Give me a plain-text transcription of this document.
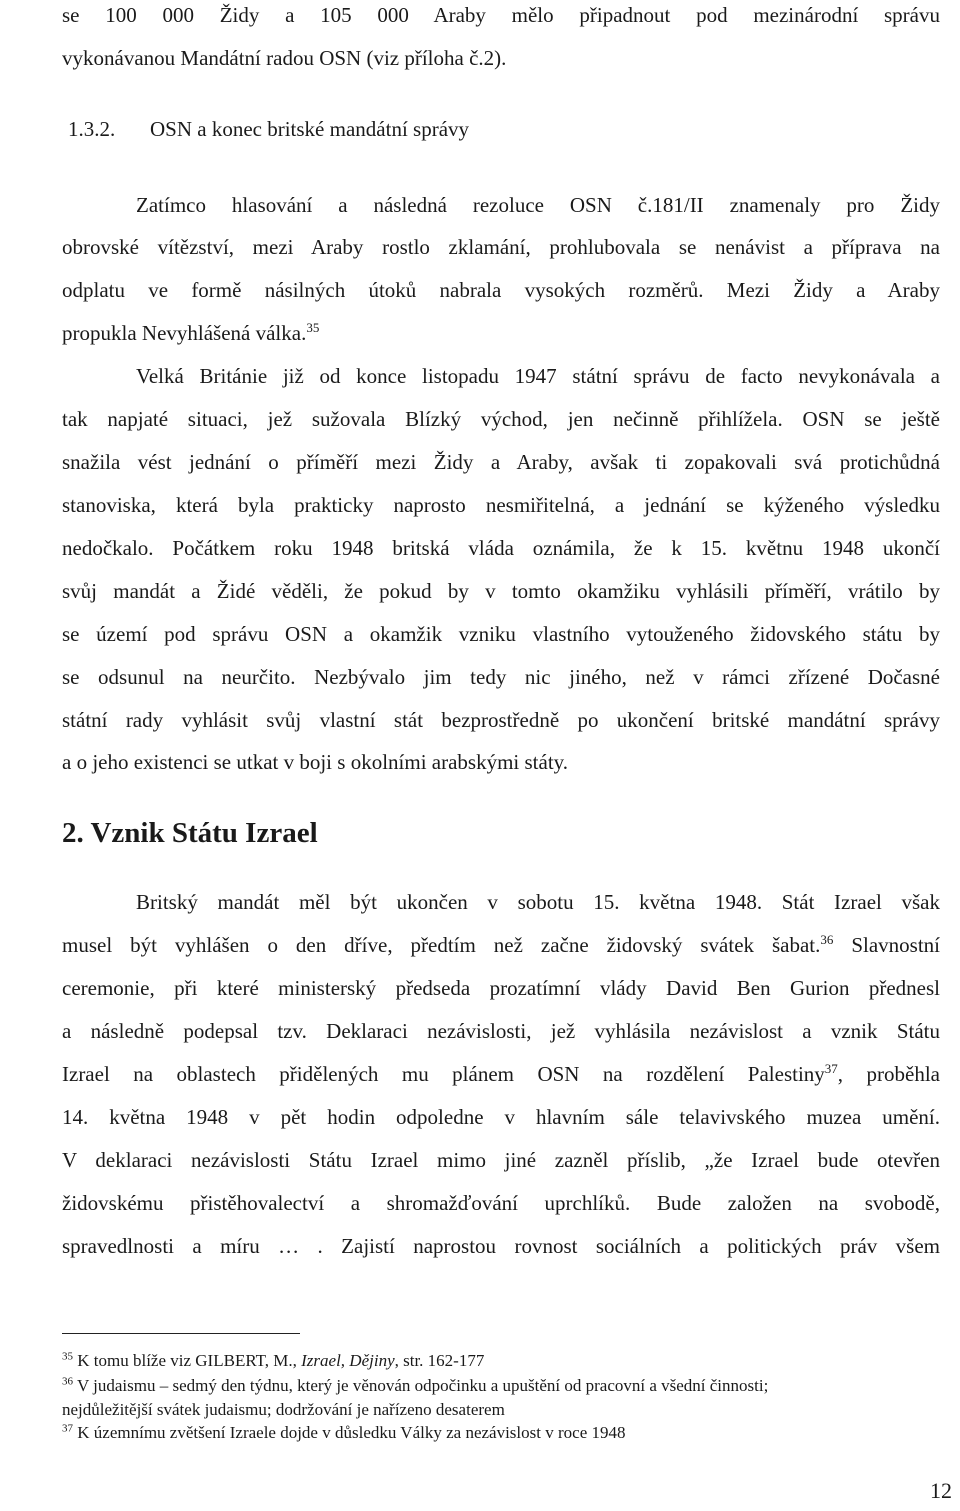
se 100 000 Židy a 105 000 Araby mělo připadnout pod mezinárodní správu
vykonávanou Mandátní radou OSN (viz příloha č.2).
1.3.2. OSN a konec britské mandátní správy
Zatímco hlasování a následná rezoluce OSN č.181/II znamenaly pro Židy
obrovské vítězství, mezi Araby rostlo zklamání, prohlubovala se nenávist a příprava na
odplatu ve formě násilných útoků nabrala vysokých rozměrů. Mezi Židy a Araby
propukla Nevyhlášená válka.$^{35}$
Velká Británie již od konce listopadu 1947 státní správu de facto nevykonávala a
tak napjaté situaci, jež sužovala Blízký východ, jen nečinně přihlížela. OSN se ještě
snažila vést jednání o příměří mezi Židy a Araby, avšak ti zopakovali svá protichůdná
stanoviska, která byla prakticky naprosto nesmiřitelná, a jednání se kýženého výsledku
nedočkalo. Počátkem roku 1948 britská vláda oznámila, že k 15. květnu 1948 ukončí
svůj mandát a Židé věděli, že pokud by v tomto okamžiku vyhlásili příměří, vrátilo by
se území pod správu OSN a okamžik vzniku vlastního vytouženého židovského státu by
se odsunul na neurčito. Nezbývalo jim tedy nic jiného, než v rámci zřízené Dočasné
státní rady vyhlásit svůj vlastní stát bezprostředně po ukončení britské mandátní správy
a o jeho existenci se utkat v boji s okolními arabskými státy.
2. Vznik Státu Izrael
Britský mandát měl být ukončen v sobotu 15. května 1948. Stát Izrael však
musel být vyhlášen o den dříve, předtím než začne židovský svátek šabat.$^{36}$ Slavnostní
ceremonie, při které ministerský předseda prozatímní vlády David Ben Gurion přednesl
a následně podepsal tzv. Deklaraci nezávislosti, jež vyhlásila nezávislost a vznik Státu
Izrael na oblastech přidělených mu plánem OSN na rozdělení Palestiny$^{37}$, proběhla
14. května 1948 v pět hodin odpoledne v hlavním sále telavivského muzea umění.
V deklaraci nezávislosti Státu Izrael mimo jiné zazněl příslib, „že Izrael bude otevřen
židovskému přistěhovalectví a shromažďování uprchlíků. Bude založen na svobodě,
spravedlnosti a míru … . Zajistí naprostou rovnost sociálních a politických práv všem
$^{35}$ K tomu blíže viz GILBERT, M., Izrael, Dějiny, str. 162-177
$^{36}$ V judaismu – sedmý den týdnu, který je věnován odpočinku a upuštění od pracovní a všední činnosti;
nejdůležitější svátek judaismu; dodržování je nařízeno desaterem
$^{37}$ K územnímu zvětšení Izraele dojde v důsledku Války za nezávislost v roce 1948
12
